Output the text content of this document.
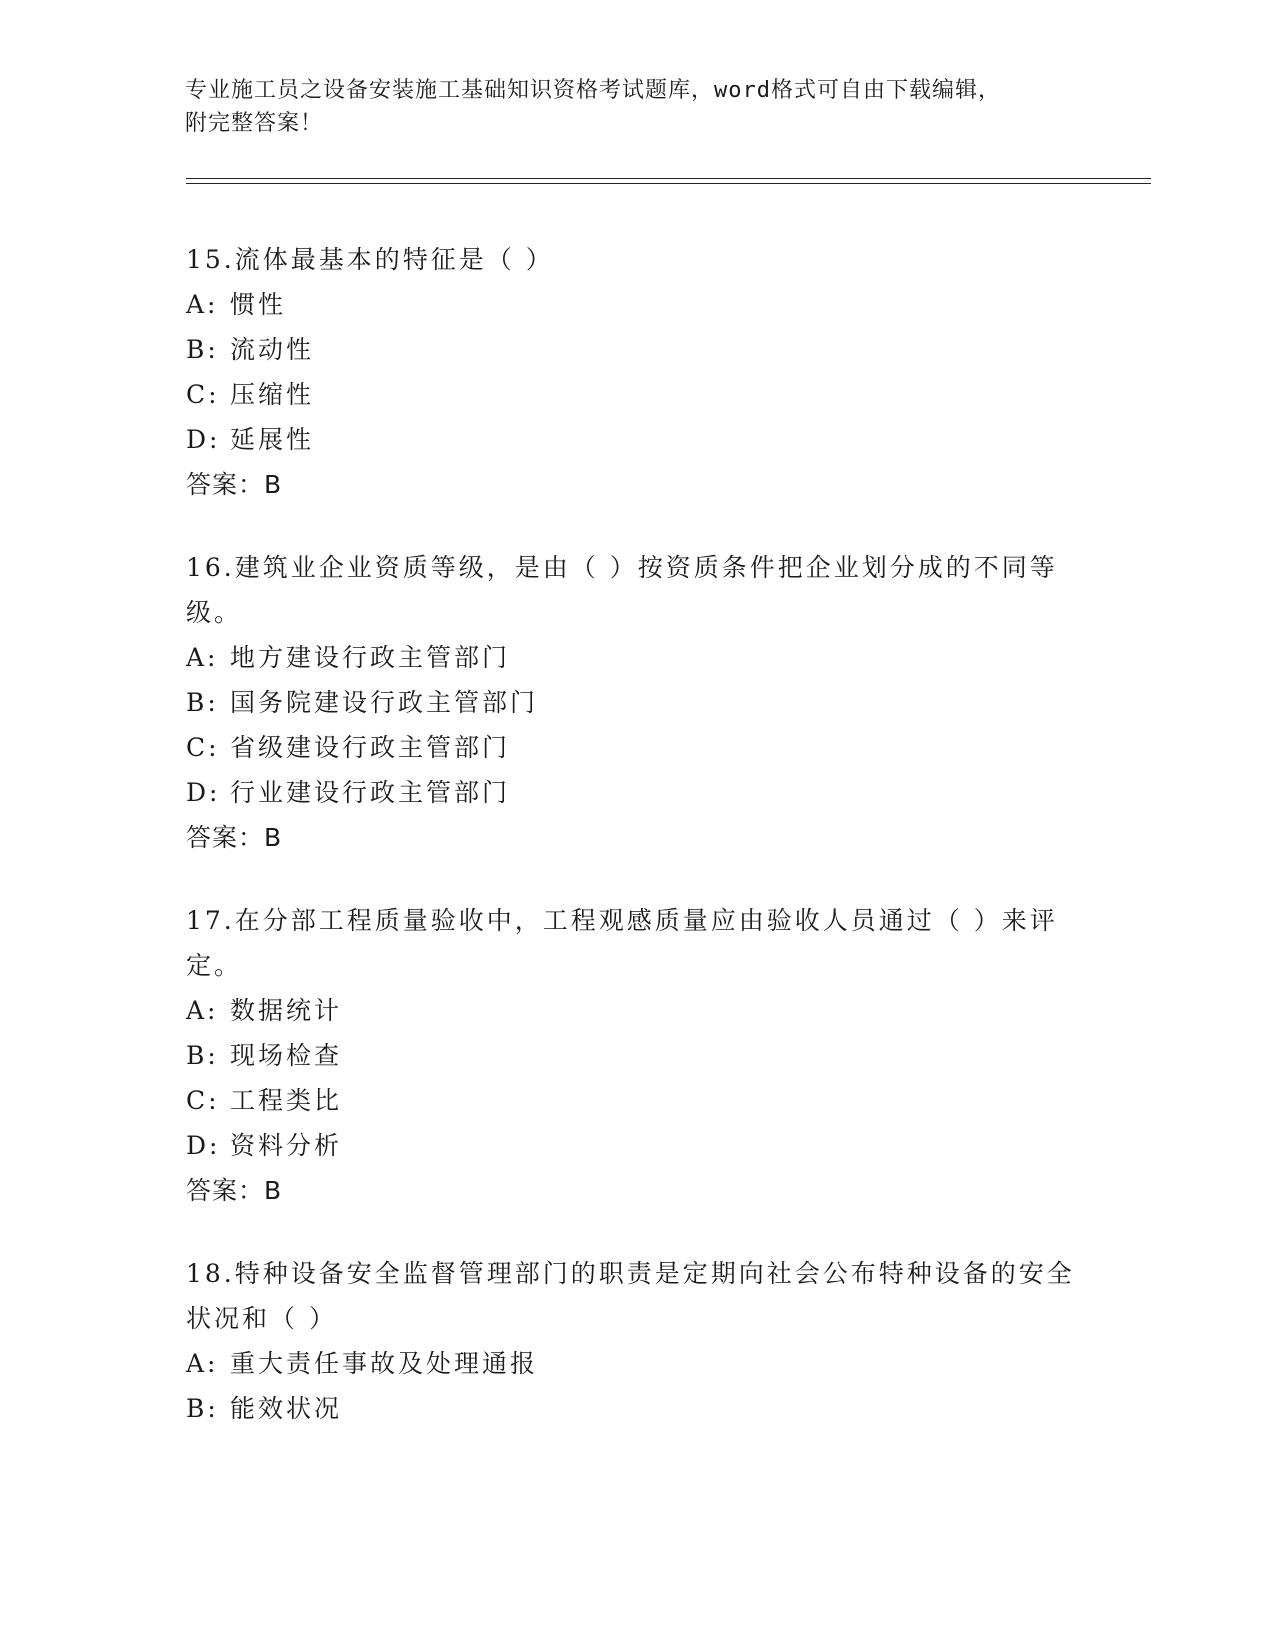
专业施工员之设备安装施工基础知识资格考试题库，word格式可自由下载编辑，
附完整答案！

15.流体最基本的特征是（ ）

A: 惯性

B: 流动性

C: 压缩性

D: 延展性

答案：B

16.建筑业企业资质等级，是由（ ）按资质条件把企业划分成的不同等级。

A: 地方建设行政主管部门

B: 国务院建设行政主管部门

C: 省级建设行政主管部门

D: 行业建设行政主管部门

答案：B

17.在分部工程质量验收中，工程观感质量应由验收人员通过（ ）来评定。

A: 数据统计

B: 现场检查

C: 工程类比

D: 资料分析

答案：B

18.特种设备安全监督管理部门的职责是定期向社会公布特种设备的安全状况和（ ）

A: 重大责任事故及处理通报

B: 能效状况
